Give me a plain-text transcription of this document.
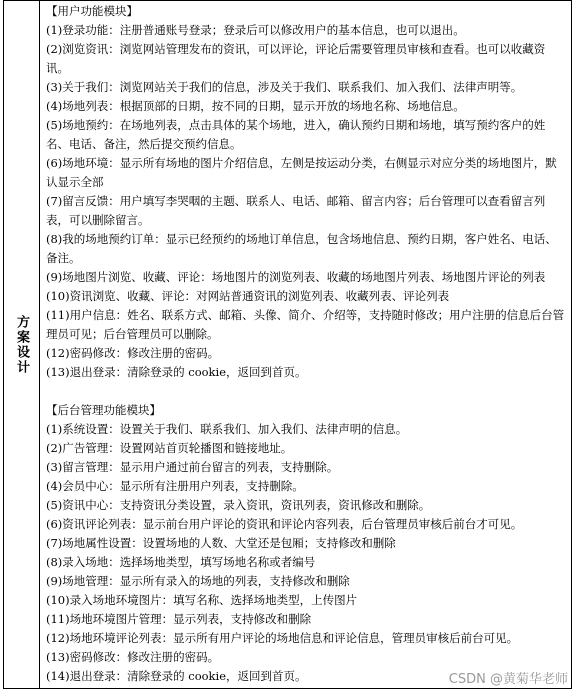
方案设计
【用户功能模块】
(1)登录功能：注册普通账号登录；登录后可以修改用户的基本信息，也可以退出。
(2)浏览资讯：浏览网站管理发布的资讯，可以评论，评论后需要管理员审核和查看。也可以收藏资讯。
(3)关于我们：浏览网站关于我们的信息，涉及关于我们、联系我们、加入我们、法律声明等。
(4)场地列表：根据顶部的日期，按不同的日期，显示开放的场地名称、场地信息。
(5)场地预约：在场地列表，点击具体的某个场地，进入，确认预约日期和场地，填写预约客户的姓名、电话、备注，然后提交预约信息。
(6)场地环境：显示所有场地的图片介绍信息，左侧是按运动分类，右侧显示对应分类的场地图片，默认显示全部
(7)留言反馈：用户填写李哭咽的主题、联系人、电话、邮箱、留言内容；后台管理可以查看留言列表，可以删除留言。
(8)我的场地预约订单：显示已经预约的场地订单信息，包含场地信息、预约日期，客户姓名、电话、备注。
(9)场地图片浏览、收藏、评论：场地图片的浏览列表、收藏的场地图片列表、场地图片评论的列表
(10)资讯浏览、收藏、评论：对网站普通资讯的浏览列表、收藏列表、评论列表
(11)用户信息：姓名、联系方式、邮箱、头像、简介、介绍等，支持随时修改；用户注册的信息后台管理员可见；后台管理员可以删除。
(12)密码修改：修改注册的密码。
(13)退出登录：清除登录的 cookie，返回到首页。
【后台管理功能模块】
(1)系统设置：设置关于我们、联系我们、加入我们、法律声明的信息。
(2)广告管理：设置网站首页轮播图和链接地址。
(3)留言管理：显示用户通过前台留言的列表，支持删除。
(4)会员中心：显示所有注册用户列表，支持删除。
(5)资讯中心：支持资讯分类设置，录入资讯，资讯列表，资讯修改和删除。
(6)资讯评论列表：显示前台用户评论的资讯和评论内容列表，后台管理员审核后前台才可见。
(7)场地属性设置：设置场地的人数、大堂还是包厢；支持修改和删除
(8)录入场地：选择场地类型，填写场地名称或者编号
(9)场地管理：显示所有录入的场地的列表，支持修改和删除
(10)录入场地环境图片：填写名称、选择场地类型，上传图片
(11)场地环境图片管理：显示列表，支持修改和删除
(12)场地环境评论列表：显示所有用户评论的场地信息和评论信息，管理员审核后前台可见。
(13)密码修改：修改注册的密码。
(14)退出登录：清除登录的 cookie，返回到首页。	CSDN @黄菊华老师
